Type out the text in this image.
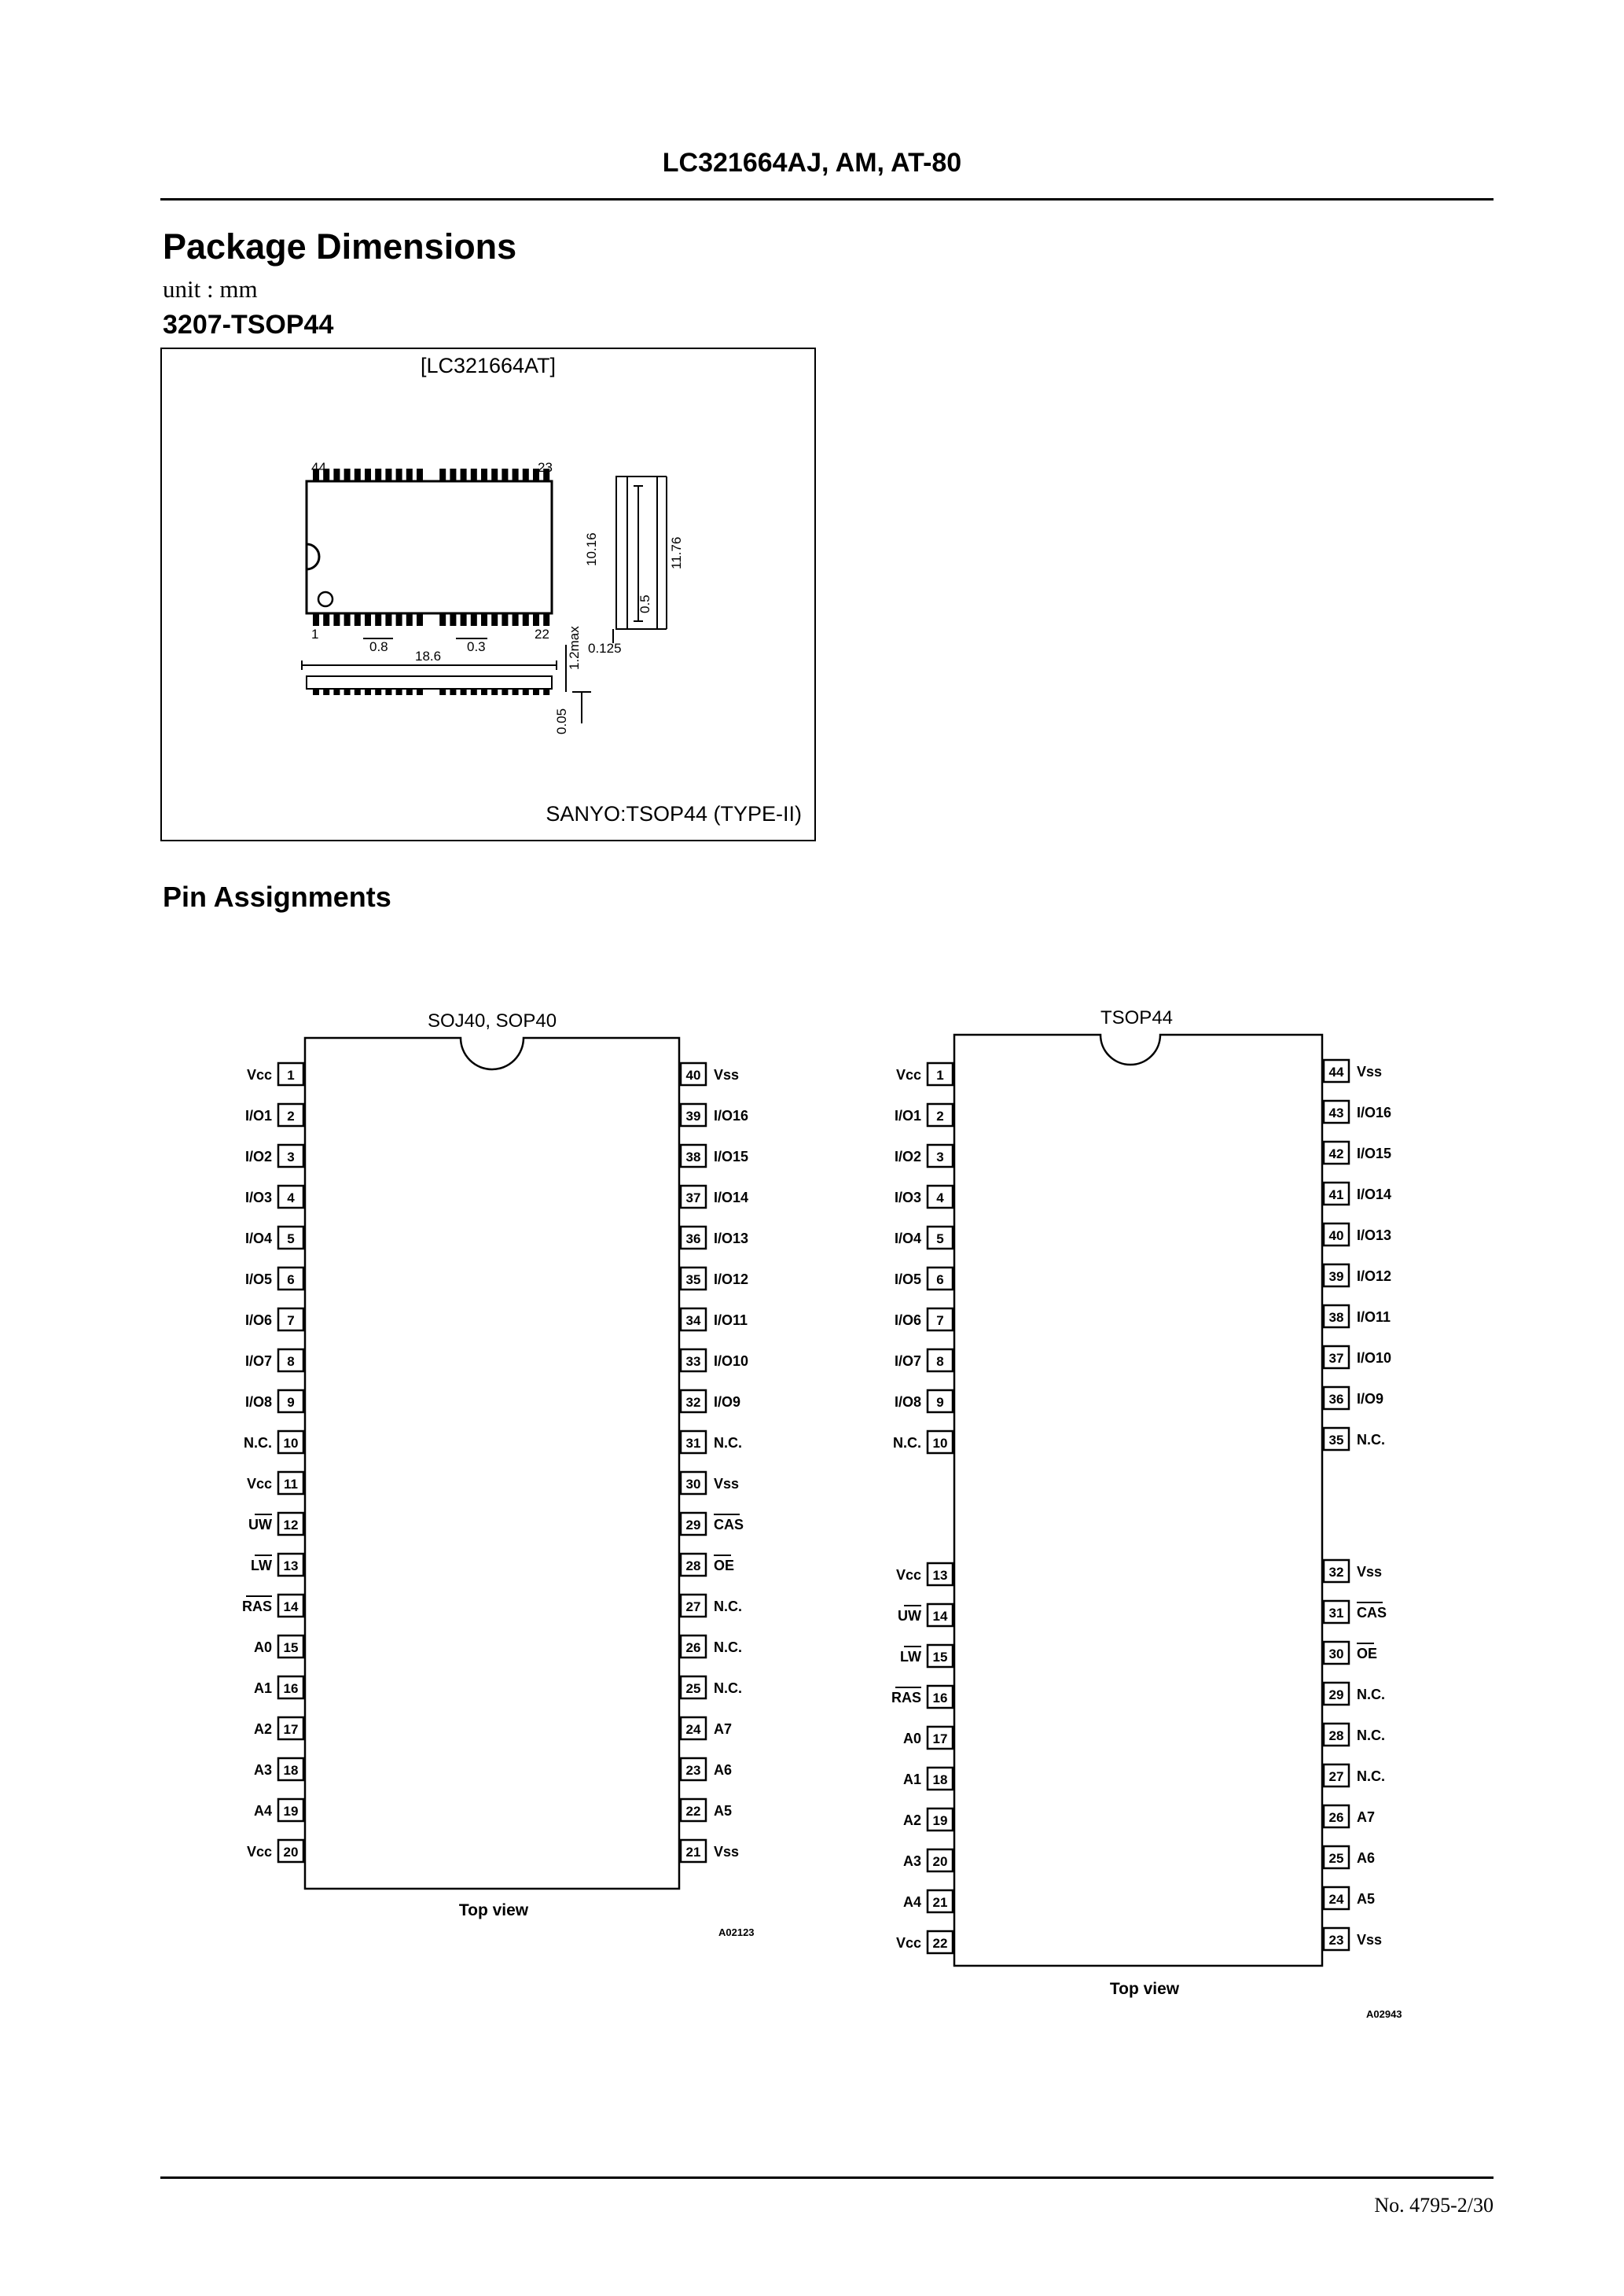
LC321664AJ, AM, AT-80
Package Dimensions
unit : mm
3207-TSOP44
[LC321664AT]
SANYO:TSOP44 (TYPE-II)
44	23
1	22
0.8	0.3
18.6
0.125
10.16	11.76
0.5
1.2max
0.05
Pin Assignments
SOJ40, SOP40
1
Vcc
2
I/O1
3
I/O2
4
I/O3
5
I/O4
6
I/O5
7
I/O6
8
I/O7
9
I/O8
10
N.C.
11
Vcc
12
UW
13
LW
14
RAS
15
A0
16
A1
17
A2
18
A3
19
A4
20
Vcc
40 Vss
39 I/O16
38 I/O15
37 I/O14
36 I/O13
35 I/O12
34 I/O11
33 I/O10
32 I/O9
31 N.C.
30 Vss
29 CAS
28 OE
27 N.C.
26 N.C.
25 N.C.
24 A7
23 A6
22 A5
21 Vss
Top view
A02123
TSOP44
1
Vcc
2
I/O1
3
I/O2
4
I/O3
5
I/O4
6
I/O5
7
I/O6
8
I/O7
9
I/O8
10
N.C.
13
Vcc
14
UW
15
LW
16
RAS
17
A0
18
A1
19
A2
20
A3
21
A4
22
Vcc
44 Vss
43 I/O16
42 I/O15
41 I/O14
40 I/O13
39 I/O12
38 I/O11
37 I/O10
36 I/O9
35 N.C.
32 Vss
31 CAS
30 OE
29 N.C.
28 N.C.
27 N.C.
26 A7
25 A6
24 A5
23 Vss
Top view
A02943
No. 4795-2/30
